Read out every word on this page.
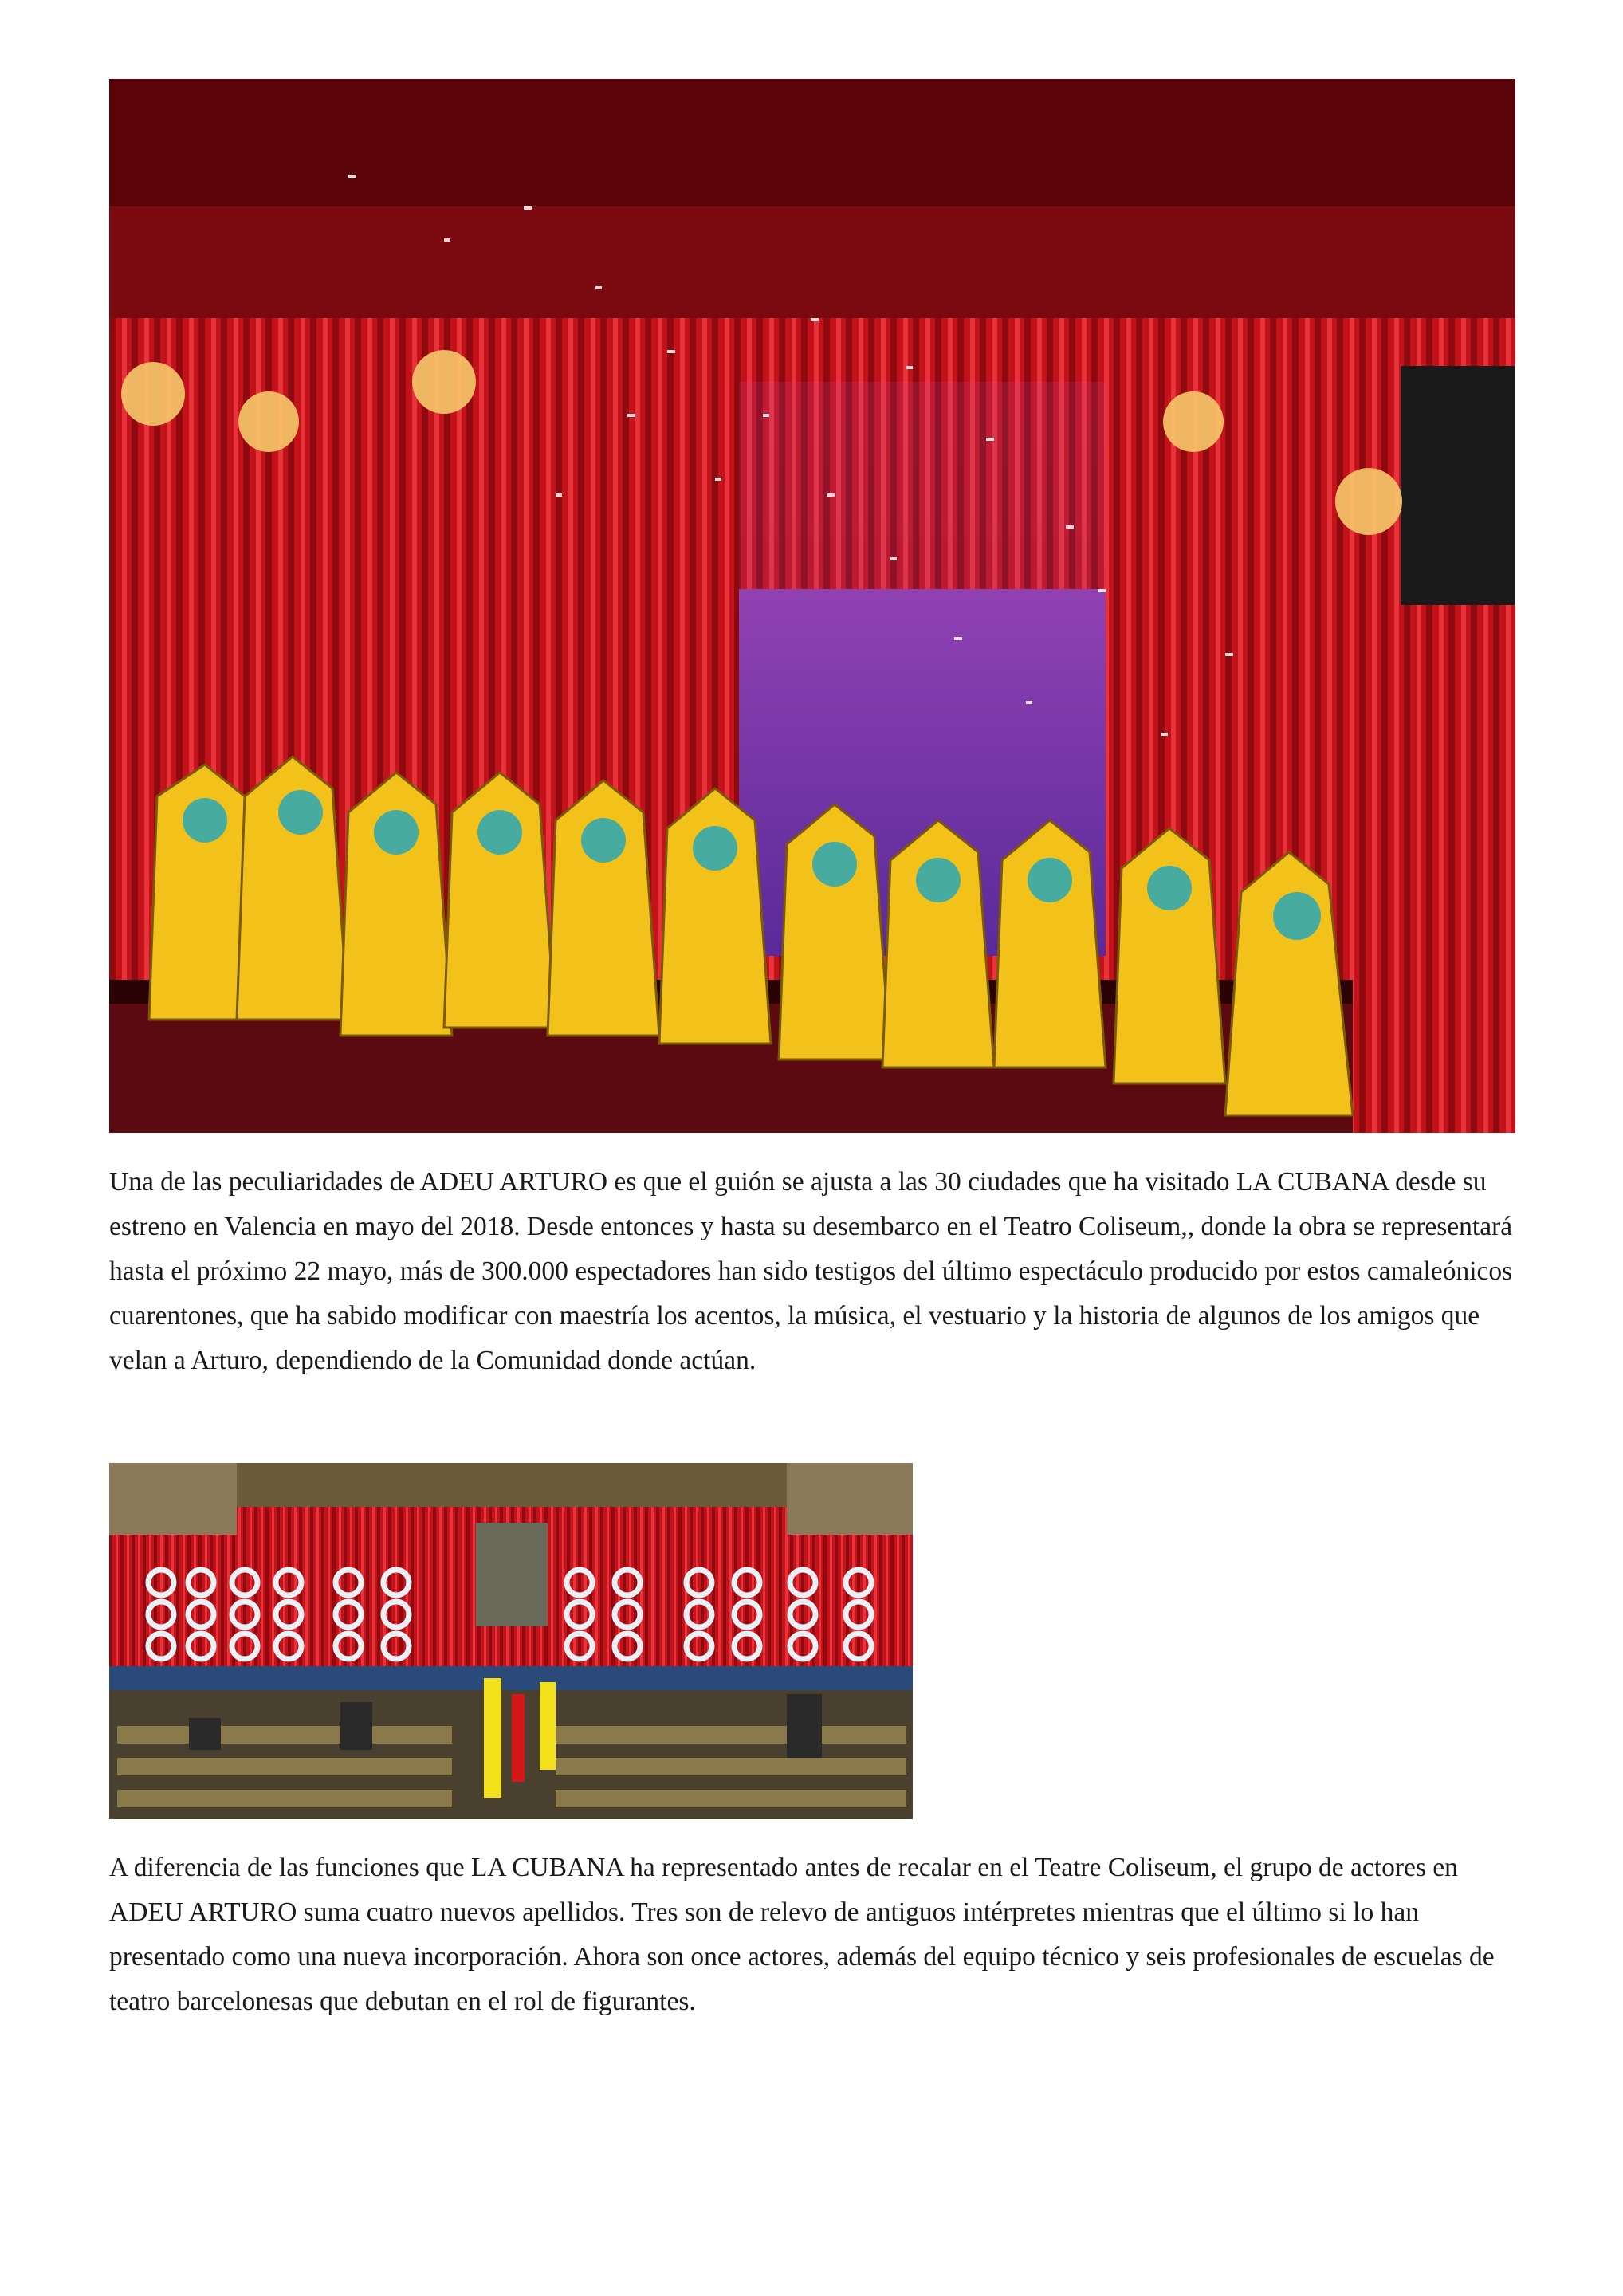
Una de las peculiaridades de ADEU ARTURO es que el guión se ajusta a las 30 ciudades que ha visitado LA CUBANA desde su estreno en Valencia en mayo del 2018. Desde entonces y hasta su desembarco en el Teatro Coliseum,, donde la obra se representará hasta el próximo 22 mayo, más de 300.000 espectadores han sido testigos del último espectáculo producido por estos camaleónicos cuarentones, que ha sabido modificar con maestría los acentos, la música, el vestuario y la historia de algunos de los amigos que velan a Arturo, dependiendo de la Comunidad donde actúan.

A diferencia de las funciones que LA CUBANA ha representado antes de recalar en el Teatre Coliseum, el grupo de actores en ADEU ARTURO suma cuatro nuevos apellidos. Tres son de relevo de antiguos intérpretes mientras que el último si lo han presentado como una nueva incorporación. Ahora son once actores, además del equipo técnico y seis profesionales de escuelas de teatro barcelonesas que debutan en el rol de figurantes.
